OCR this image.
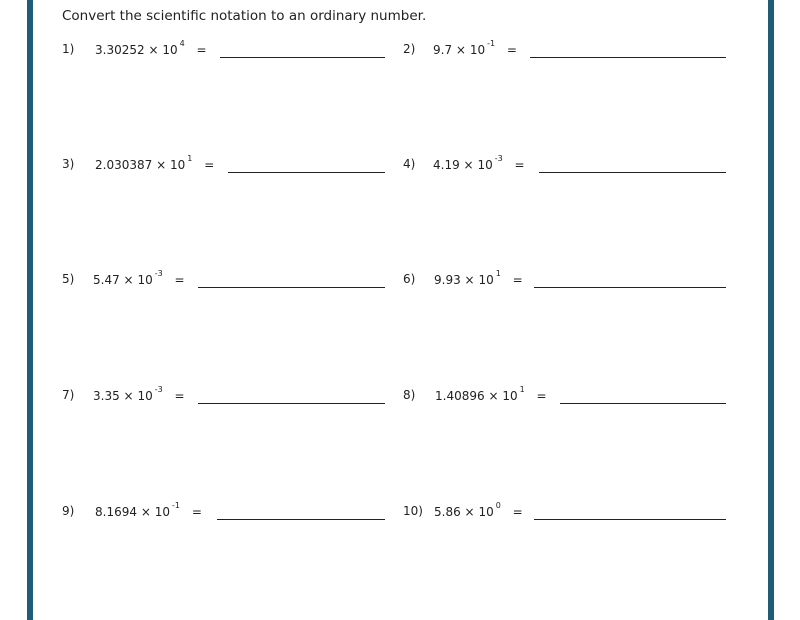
Convert the scientific notation to an ordinary number.
1) 3.30252 × 10 $^4$ =	2) 9.7 × 10 $^{-1}$ =
3) 2.030387 × 10 $^1$ =	4) 4.19 × 10 $^{-3}$ =
5) 5.47 × 10 $^{-3}$ =	6) 9.93 × 10 $^1$ =
7) 3.35 × 10 $^{-3}$ =	8) 1.40896 × 10 $^1$ =
9) 8.1694 × 10 $^{-1}$ =	10) 5.86 × 10 $^0$ =
